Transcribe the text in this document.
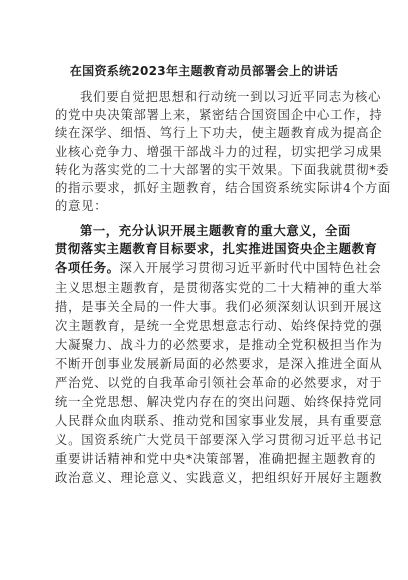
在国资系统2023年主题教育动员部署会上的讲话
我们要自觉把思想和行动统一到以习近平同志为核心
的党中央决策部署上来，紧密结合国资国企中心工作，持
续在深学、细悟、笃行上下功夫，使主题教育成为提高企
业核心竞争力、增强干部战斗力的过程，切实把学习成果
转化为落实党的二十大部署的实干效果。下面我就贯彻*委
的指示要求，抓好主题教育，结合国资系统实际讲4个方面
的意见：
第一，充分认识开展主题教育的重大意义，全面
贯彻落实主题教育目标要求，扎实推进国资央企主题教育
各项任务。深入开展学习贯彻习近平新时代中国特色社会
主义思想主题教育，是贯彻落实党的二十大精神的重大举
措，是事关全局的一件大事。我们必须深刻认识到开展这
次主题教育，是统一全党思想意志行动、始终保持党的强
大凝聚力、战斗力的必然要求，是推动全党积极担当作为
不断开创事业发展新局面的必然要求，是深入推进全面从
严治党、以党的自我革命引领社会革命的必然要求，对于
统一全党思想、解决党内存在的突出问题、始终保持党同
人民群众血肉联系、推动党和国家事业发展，具有重要意
义。国资系统广大党员干部要深入学习贯彻习近平总书记
重要讲话精神和党中央*决策部署，准确把握主题教育的
政治意义、理论意义、实践意义，把组织好开展好主题教
